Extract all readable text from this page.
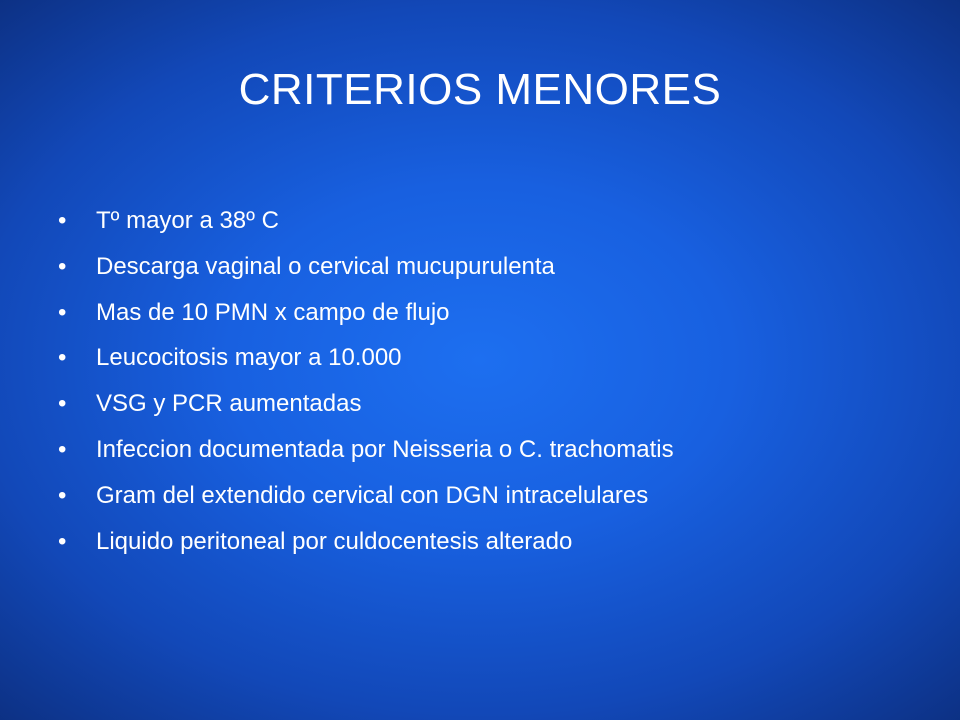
CRITERIOS MENORES
• Tº mayor a 38º C
• Descarga vaginal o cervical mucupurulenta
• Mas de 10 PMN x campo de flujo
• Leucocitosis mayor a 10.000
• VSG y PCR aumentadas
• Infeccion documentada por Neisseria o C. trachomatis
• Gram del extendido cervical con DGN intracelulares
• Liquido peritoneal por culdocentesis alterado
